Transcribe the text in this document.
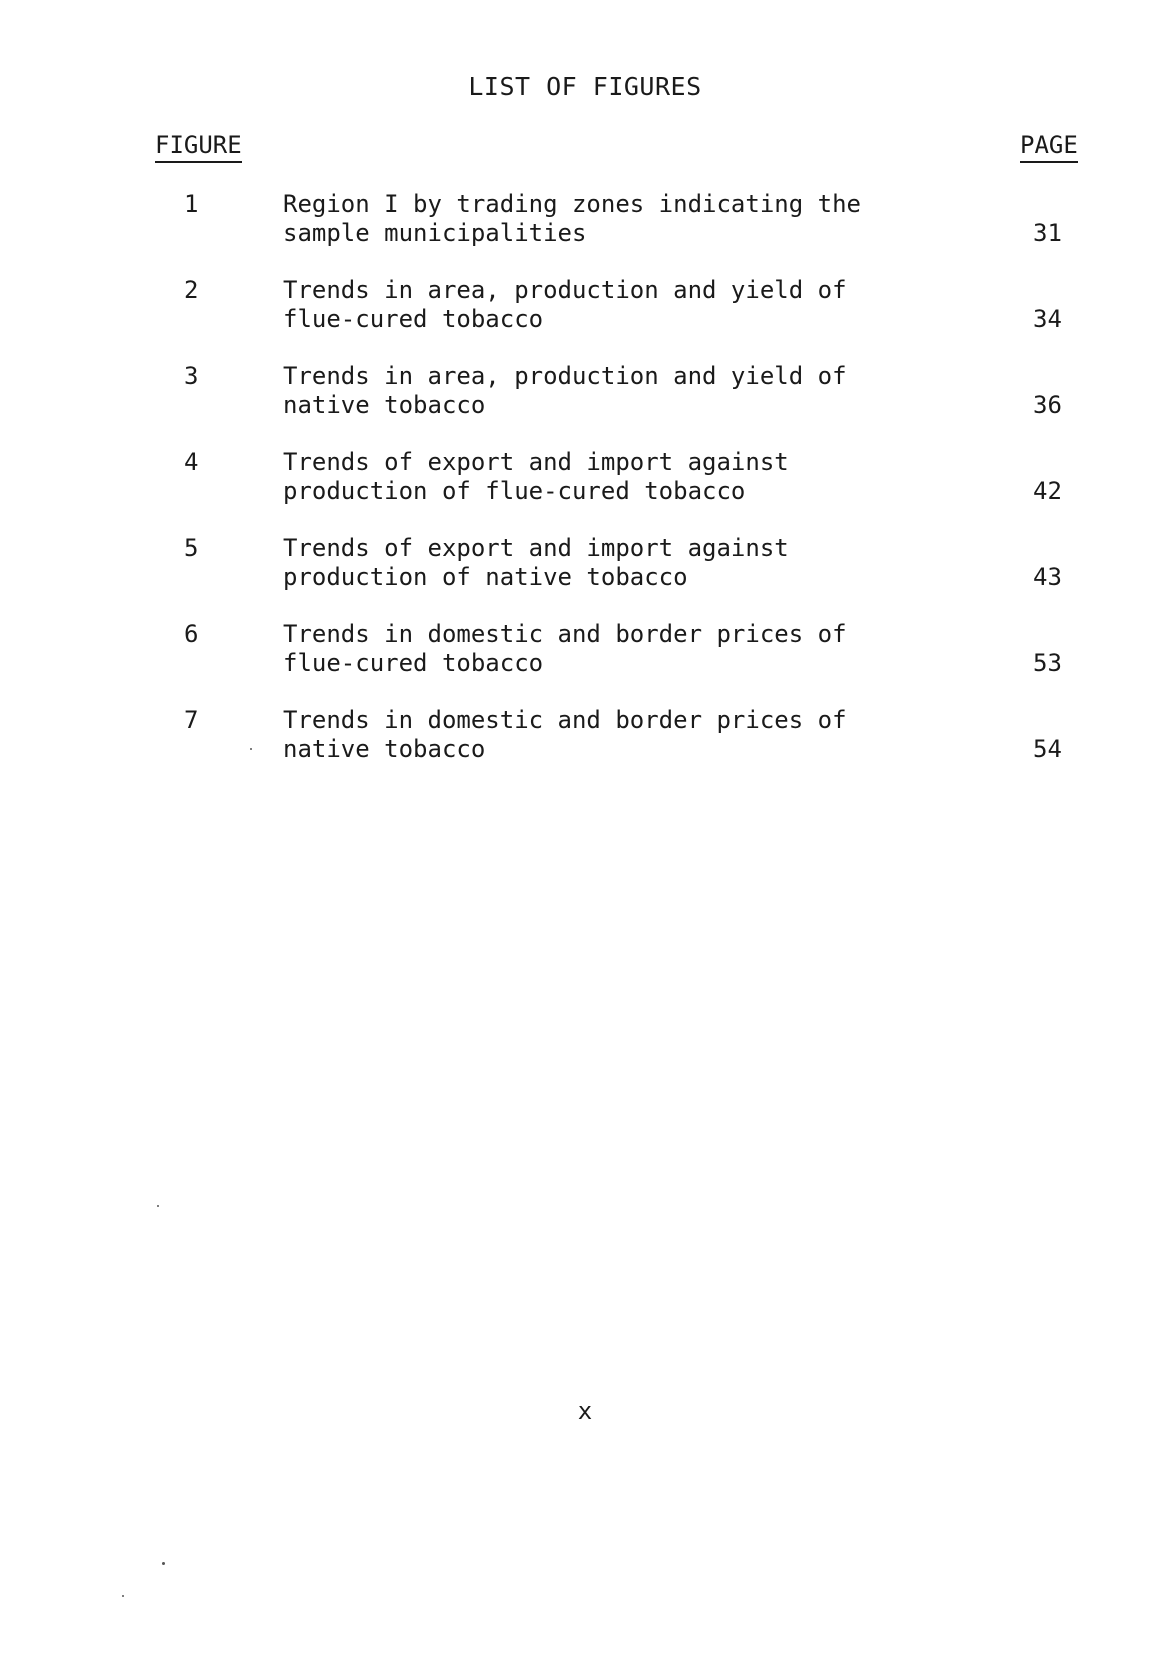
LIST OF FIGURES
FIGURE	PAGE
1	Region I by trading zones indicating the
sample municipalities	31
2	Trends in area, production and yield of
flue-cured tobacco	34
3	Trends in area, production and yield of
native tobacco	36
4	Trends of export and import against
production of flue-cured tobacco	42
5	Trends of export and import against
production of native tobacco	43
6	Trends in domestic and border prices of
flue-cured tobacco	53
7	Trends in domestic and border prices of
native tobacco	54
x
